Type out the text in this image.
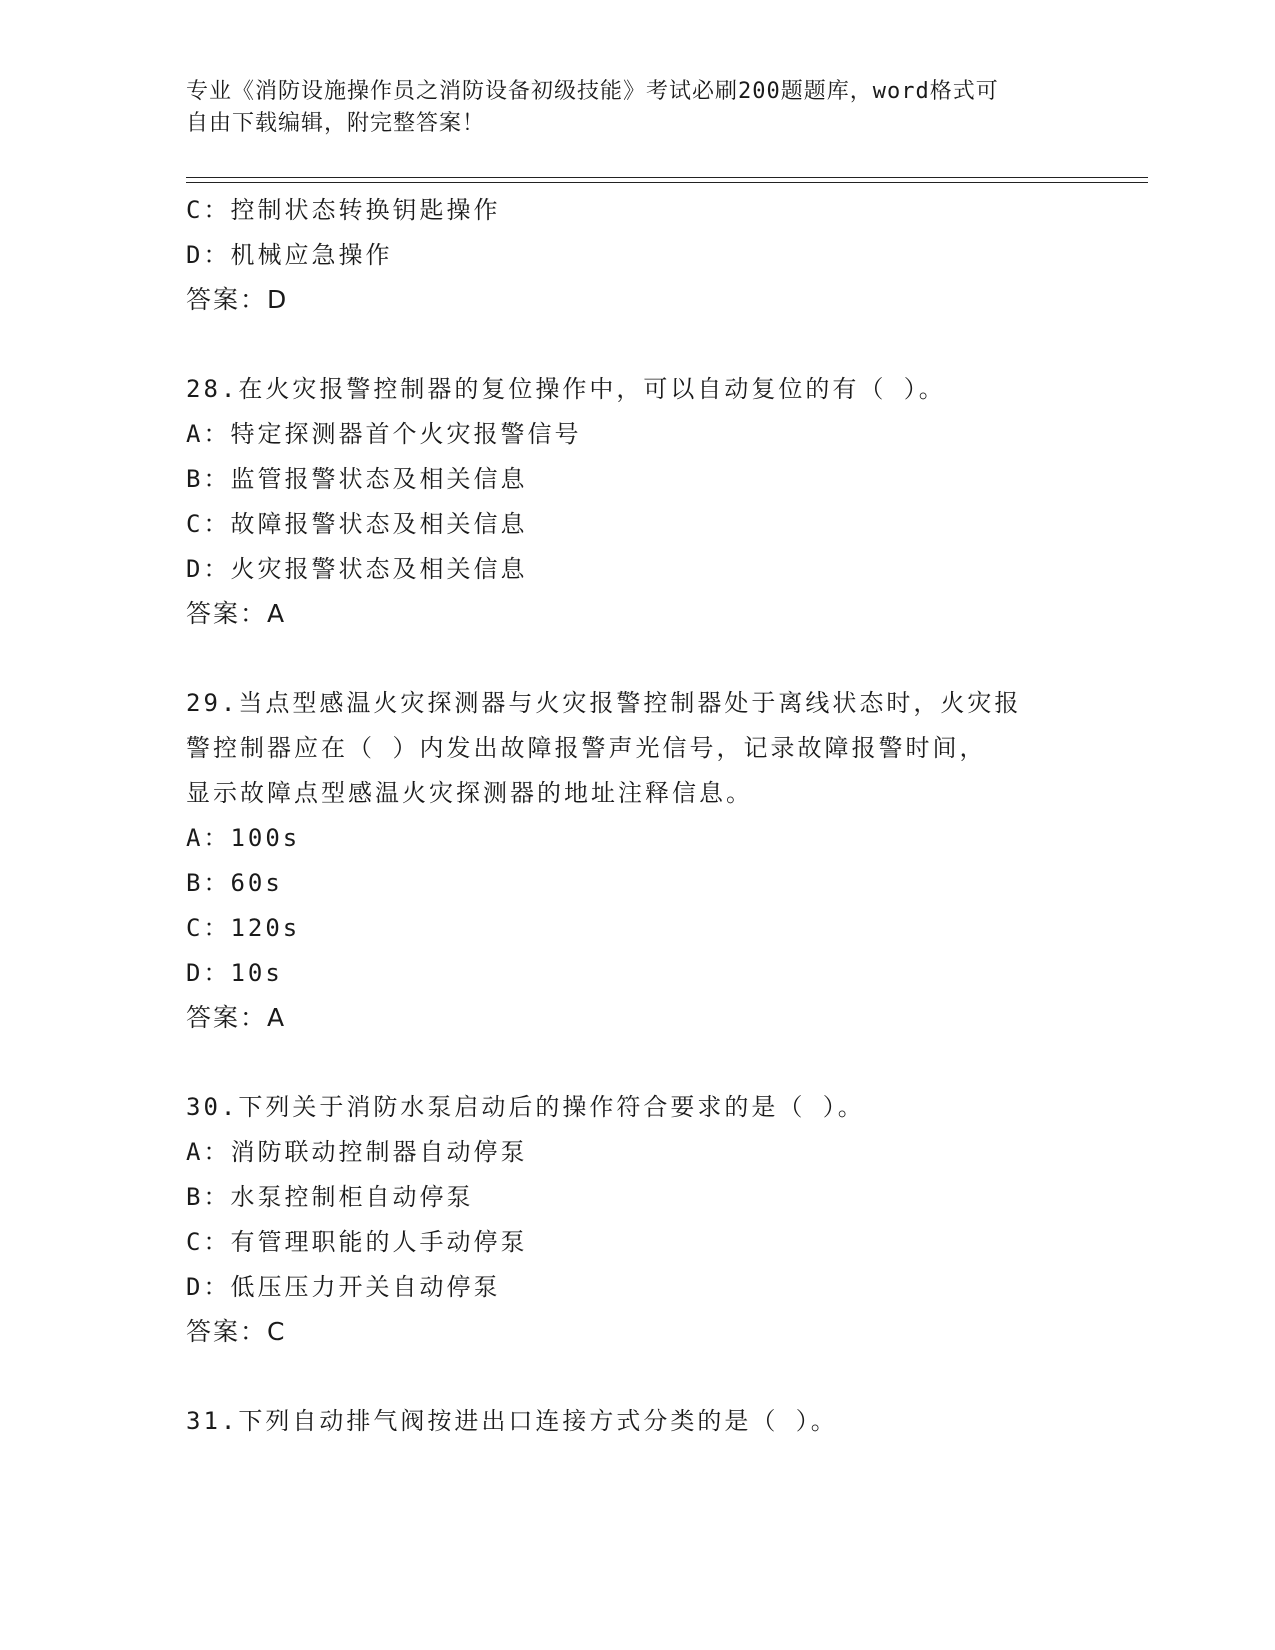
专业《消防设施操作员之消防设备初级技能》考试必刷200题题库，word格式可
自由下载编辑，附完整答案！
C：控制状态转换钥匙操作
D：机械应急操作
答案：D
28.在火灾报警控制器的复位操作中，可以自动复位的有（ ）。
A：特定探测器首个火灾报警信号
B：监管报警状态及相关信息
C：故障报警状态及相关信息
D：火灾报警状态及相关信息
答案：A
29.当点型感温火灾探测器与火灾报警控制器处于离线状态时，火灾报
警控制器应在（ ）内发出故障报警声光信号，记录故障报警时间，
显示故障点型感温火灾探测器的地址注释信息。
A：100s
B：60s
C：120s
D：10s
答案：A
30.下列关于消防水泵启动后的操作符合要求的是（ ）。
A：消防联动控制器自动停泵
B：水泵控制柜自动停泵
C：有管理职能的人手动停泵
D：低压压力开关自动停泵
答案：C
31.下列自动排气阀按进出口连接方式分类的是（ ）。
